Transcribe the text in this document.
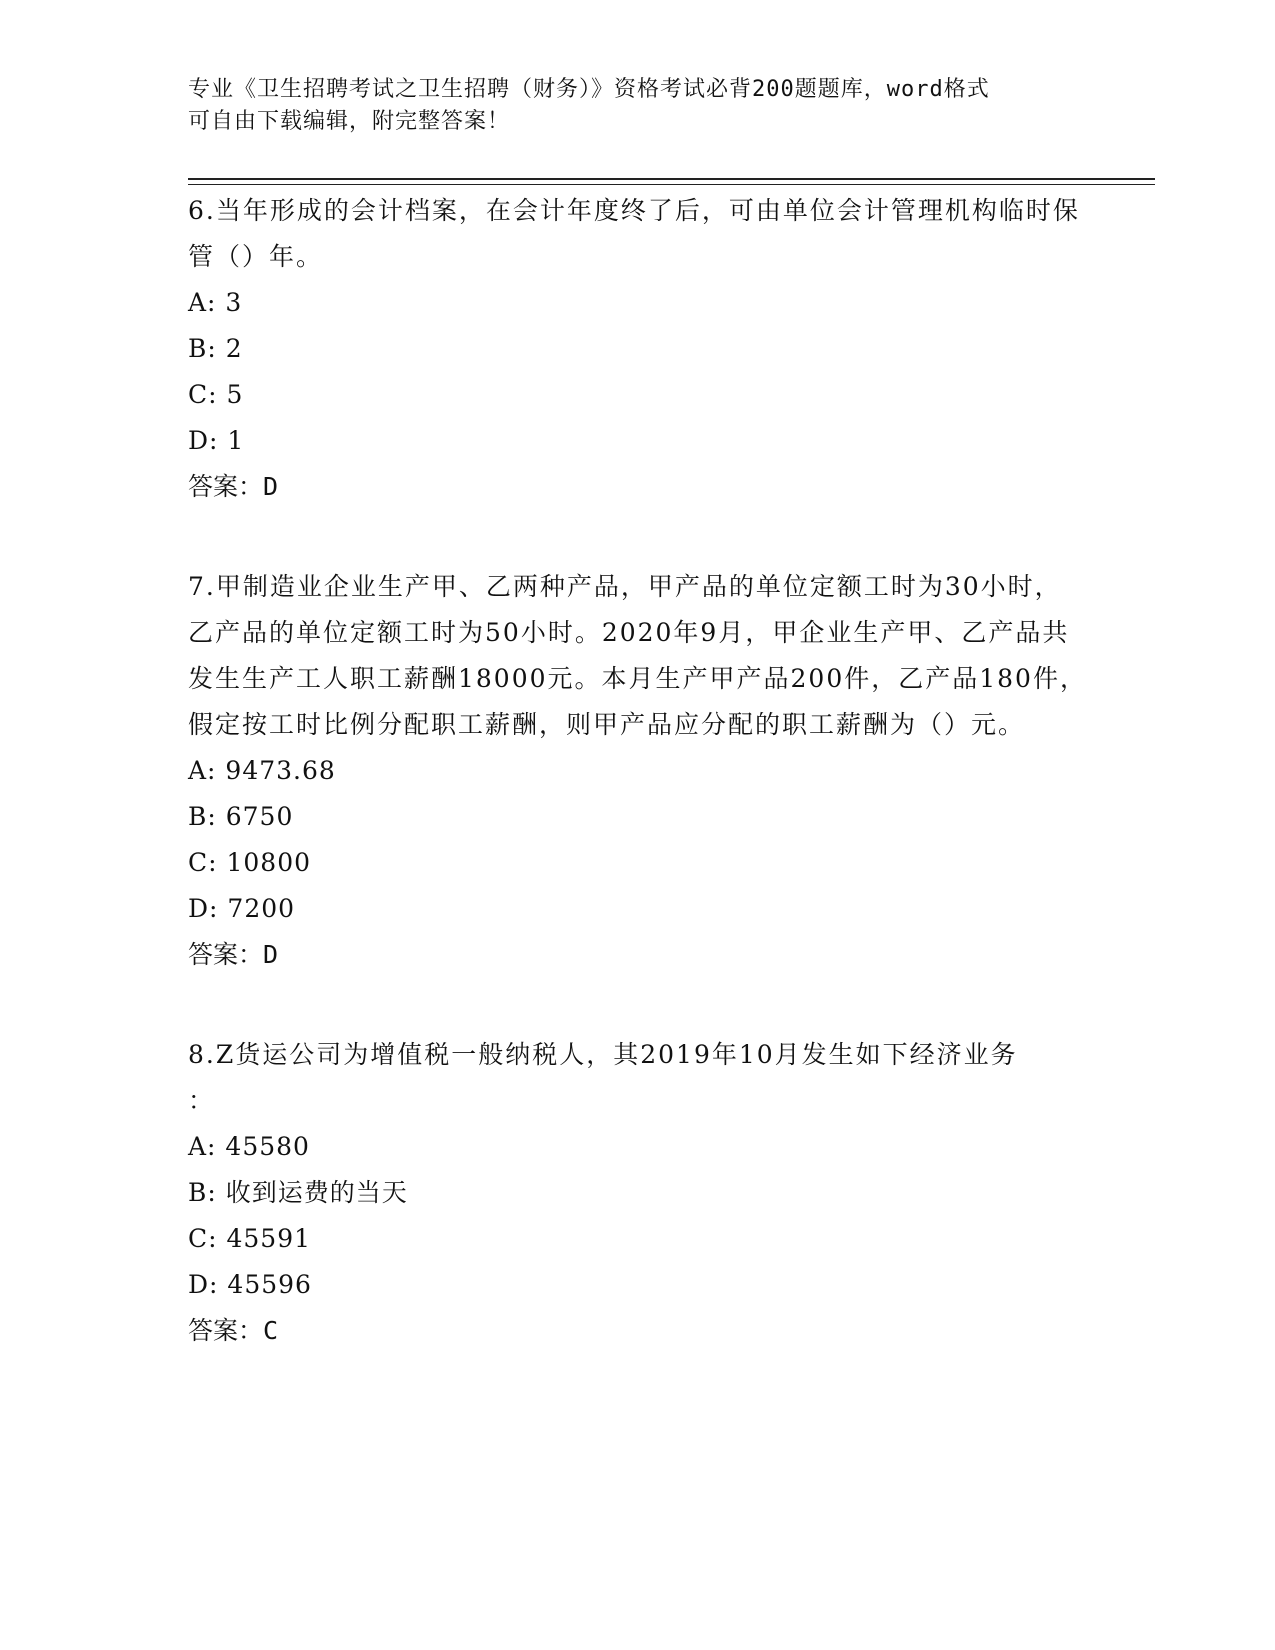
专业《卫生招聘考试之卫生招聘（财务）》资格考试必背200题题库，word格式
可自由下载编辑，附完整答案！

6.当年形成的会计档案，在会计年度终了后，可由单位会计管理机构临时保管（）年。

A: 3

B: 2

C: 5

D: 1

答案：D

7.甲制造业企业生产甲、乙两种产品，甲产品的单位定额工时为30小时，乙产品的单位定额工时为50小时。2020年9月，甲企业生产甲、乙产品共发生生产工人职工薪酬18000元。本月生产甲产品200件，乙产品180件，假定按工时比例分配职工薪酬，则甲产品应分配的职工薪酬为（）元。

A: 9473.68

B: 6750

C: 10800

D: 7200

答案：D

8.Z货运公司为增值税一般纳税人，其2019年10月发生如下经济业务

：

A: 45580

B: 收到运费的当天

C: 45591

D: 45596

答案：C
